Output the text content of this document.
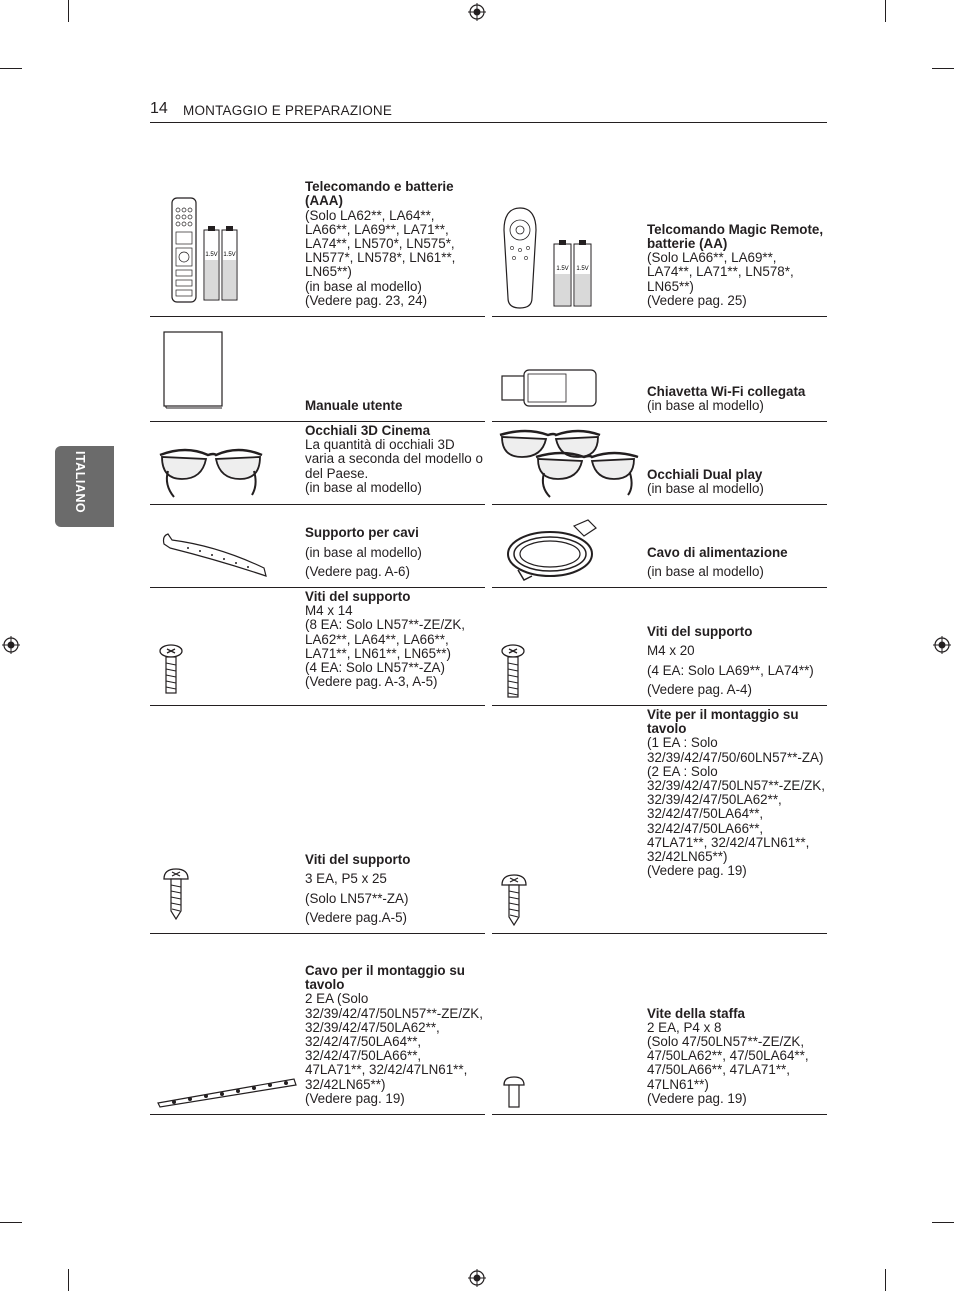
14 MONTAGGIO E PREPARAZIONE
ITALIANO
1.5V 1.5V
Telecomando e batterie (AAA)
(Solo LA62**, LA64**, LA66**, LA69**, LA71**, LA74**, LN570*, LN575*, LN577*, LN578*, LN61**, LN65**)
(in base al modello)
(Vedere pag. 23, 24)
1.5V 1.5V
Telcomando Magic Remote, batterie (AA)
(Solo LA66**, LA69**, LA74**, LA71**, LN578*, LN65**)
(Vedere pag. 25)
Manuale utente
Chiavetta Wi-Fi collegata
(in base al modello)
Occhiali 3D Cinema
La quantità di occhiali 3D varia a seconda del modello o del Paese.
(in base al modello)
Occhiali Dual play
(in base al modello)
Supporto per cavi
(in base al modello)
(Vedere pag. A-6)
Cavo di alimentazione
(in base al modello)
Viti del supporto
M4 x 14
(8 EA: Solo LN57**-ZE/ZK, LA62**, LA64**, LA66**, LA71**, LN61**, LN65**)
(4 EA: Solo LN57**-ZA)
(Vedere pag. A-3, A-5)
Viti del supporto
M4 x 20
(4 EA: Solo LA69**, LA74**)
(Vedere pag. A-4)
Viti del supporto
3 EA, P5 x 25
(Solo LN57**-ZA)
(Vedere pag.A-5)
Vite per il montaggio su tavolo
(1 EA : Solo 32/39/42/47/50/60LN57**-ZA)
(2 EA : Solo 32/39/42/47/50LN57**-ZE/ZK, 32/39/42/47/50LA62**, 32/42/47/50LA64**, 32/42/47/50LA66**, 47LA71**, 32/42/47LN61**, 32/42LN65**)
(Vedere pag. 19)
Cavo per il montaggio su tavolo
2 EA (Solo 32/39/42/47/50LN57**-ZE/ZK, 32/39/42/47/50LA62**, 32/42/47/50LA64**, 32/42/47/50LA66**, 47LA71**, 32/42/47LN61**, 32/42LN65**)
(Vedere pag. 19)
Vite della staffa
2 EA, P4 x 8
(Solo 47/50LN57**-ZE/ZK, 47/50LA62**, 47/50LA64**, 47/50LA66**, 47LA71**, 47LN61**)
(Vedere pag. 19)
